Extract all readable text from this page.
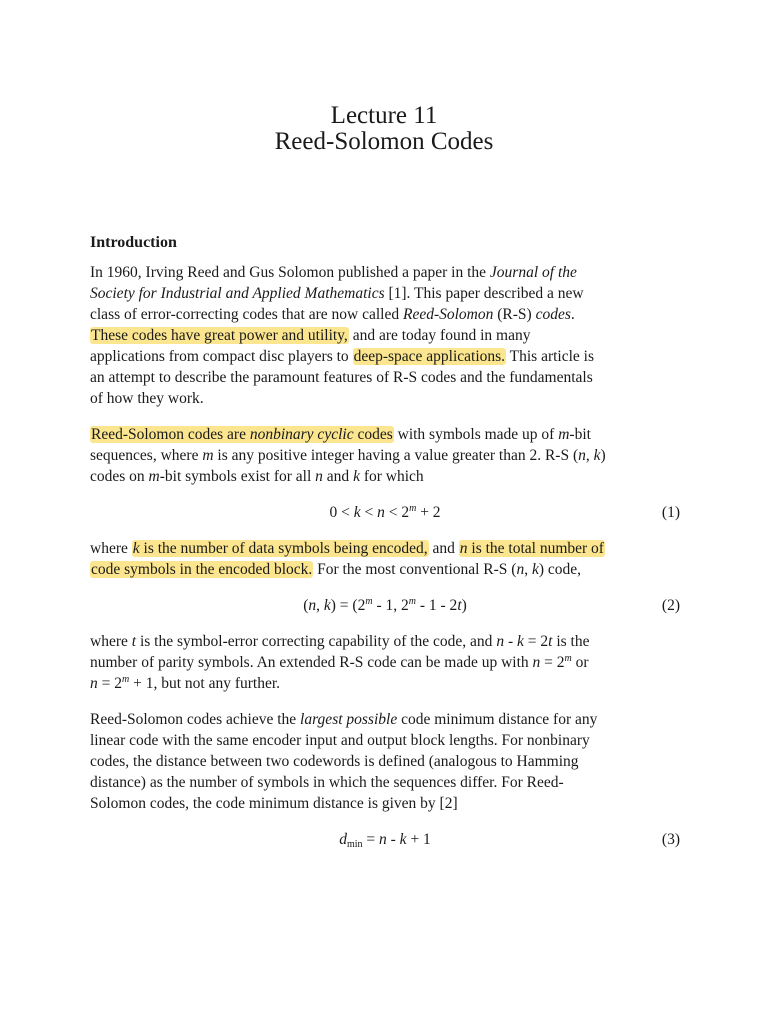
Lecture 11
Reed-Solomon Codes
Introduction
In 1960, Irving Reed and Gus Solomon published a paper in the Journal of the
Society for Industrial and Applied Mathematics [1]. This paper described a new
class of error-correcting codes that are now called Reed-Solomon (R-S) codes.
These codes have great power and utility, and are today found in many
applications from compact disc players to deep-space applications. This article is
an attempt to describe the paramount features of R-S codes and the fundamentals
of how they work.
Reed-Solomon codes are nonbinary cyclic codes with symbols made up of m-bit
sequences, where m is any positive integer having a value greater than 2. R-S (n, k)
codes on m-bit symbols exist for all n and k for which
$0 < k < n < 2^m + 2$	(1)
where k is the number of data symbols being encoded, and n is the total number of
code symbols in the encoded block. For the most conventional R-S (n, k) code,
(n, $k) = (2^m - 1$, 2$^m$ - 1 - 2t)	(2)
where t is the symbol-error correcting capability of the code, and n - k = 2t is the
number of parity symbols. An extended R-S code can be made up with $n = 2^m$ or
$n = 2^m + 1$, but not any further.
Reed-Solomon codes achieve the largest possible code minimum distance for any
linear code with the same encoder input and output block lengths. For nonbinary
codes, the distance between two codewords is defined (analogous to Hamming
distance) as the number of symbols in which the sequences differ. For Reed-
Solomon codes, the code minimum distance is given by [2]
$d_{min} = n - k + 1$	(3)
